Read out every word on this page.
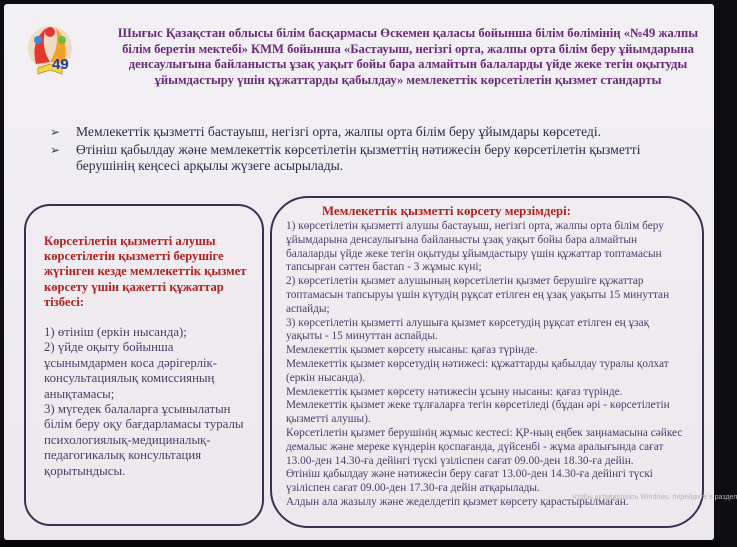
49
Шығыс Қазақстан облысы білім басқармасы Өскемен қаласы бойынша білім бөлімінің «№49 жалпы білім беретін мектебі» КММ бойынша «Бастауыш, негізгі орта, жалпы орта білім беру ұйымдарына денсаулығына байланысты ұзақ уақыт бойы бара алмайтын балаларды үйде жеке тегін оқытуды ұйымдастыру үшін құжаттарды қабылдау» мемлекеттік көрсетілетін қызмет стандарты
➢ Мемлекеттік қызметті бастауыш, негізгі орта, жалпы орта білім беру ұйымдары көрсетеді.
➢ Өтініш қабылдау және мемлекеттік көрсетілетін қызметтің нәтижесін беру көрсетілетін қызметті берушінің кеңсесі арқылы жүзеге асырылады.
Көрсетілетін қызметті алушы көрсетілетін қызметті берушіге жүгінген кезде мемлекеттік қызмет көрсету үшін қажетті құжаттар тізбесі:
1) өтініш (еркін нысанда);
2) үйде оқыту бойынша ұсынымдармен коса дәрігерлік-консультациялық комиссияның анықтамасы;
3) мүгедек балаларға ұсынылатын білім беру оқу бағдарламасы туралы психологиялық-медициналық-педагогикалық консультация қорытындысы.
Мемлекеттік қызметті көрсету мерзімдері:

1) көрсетілетін қызметті алушы бастауыш, негізгі орта, жалпы орта білім беру ұйымдарына денсаулығына байланысты ұзақ уақыт бойы бара алмайтын балаларды үйде жеке тегін оқытуды ұйымдастыру үшін құжаттар топтамасын тапсырған сәттен бастап - 3 жұмыс күні;

2) көрсетілетін қызмет алушының көрсетілетін қызмет берушіге құжаттар топтамасын тапсыруы үшін күтудің рұқсат етілген ең ұзақ уақыты 15 минуттан аспайды;

3) көрсетілетін қызметті алушыға қызмет көрсетудің рұқсат етілген ең ұзақ уақыты - 15 минуттан аспайды.

Мемлекеттік қызмет көрсету нысаны: қағаз түрінде.

Мемлекеттік қызмет көрсетудің нәтижесі: құжаттарды қабылдау туралы қолхат (еркін нысанда).

Мемлекеттік қызмет көрсету нәтижесін ұсыну нысаны: қағаз түрінде.

Мемлекеттік қызмет жеке тұлғаларға тегін көрсетіледі (бұдан әрі - көрсетілетін қызметті алушы).

Көрсетілетін қызмет берушінің жұмыс кестесі: ҚР-ның еңбек заңнамасына сәйкес демалыс және мереке күндерін қоспағанда, дүйсенбі - жұма аралығында сағат 13.00-ден 14.30-ға дейінгі түскі үзіліспен сағат 09.00-ден 18.30-ға дейін.

Өтініш қабылдау және нәтижесін беру сағат 13.00-ден 14.30-ға дейінгі түскі үзіліспен сағат 09.00-ден 17.30-ға дейін атқарылады.

Алдын ала жазылу және жеделдетіп қызмет көрсету қарастырылмаған.

Чтобы активировать Windows, перейдите в раздел
